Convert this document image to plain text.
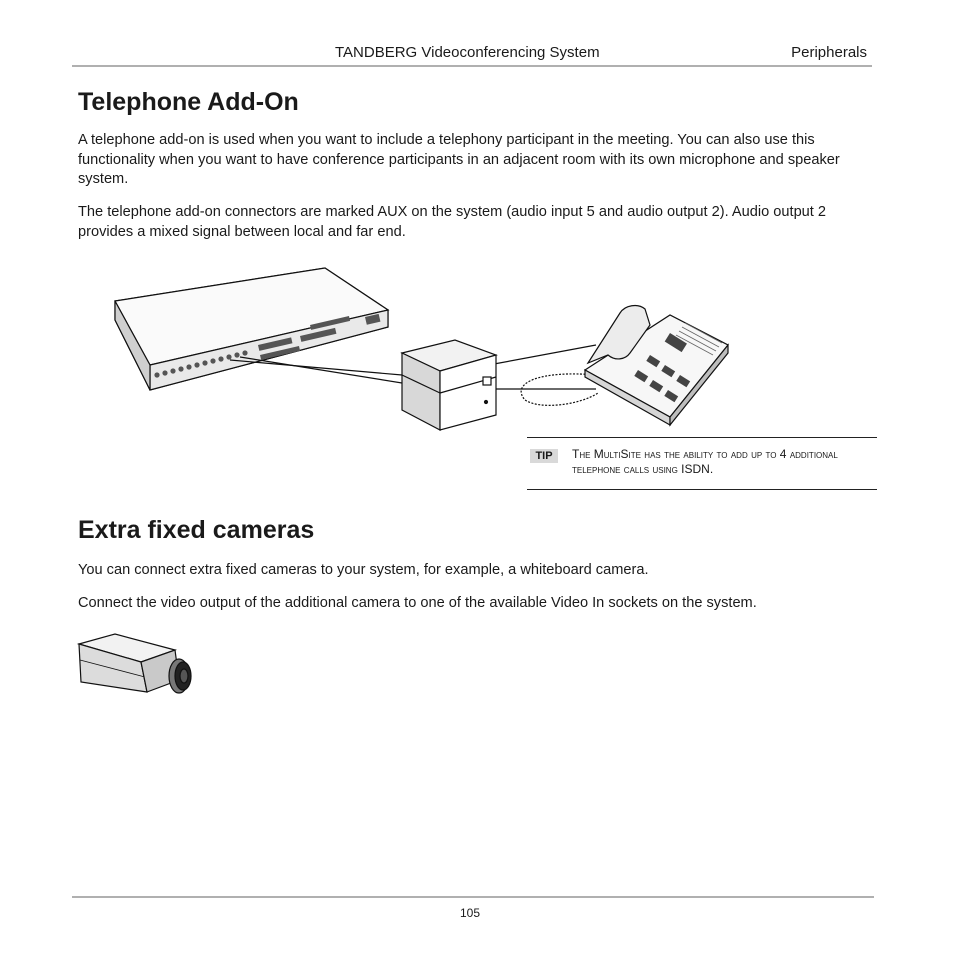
TANDBERG Videoconferencing System	Peripherals
Telephone Add-On

A telephone add-on is used when you want to include a telephony participant in the meeting. You can also use this functionality when you want to have conference participants in an adjacent room with its own microphone and speaker system.

The telephone add-on connectors are marked AUX on the system (audio input 5 and audio output 2). Audio output 2 provides a mixed signal between local and far end.

TIP	The MultiSite has the ability to add up to 4 additional telephone calls using ISDN.
Extra fixed cameras

You can connect extra fixed cameras to your system, for example, a whiteboard camera.

Connect the video output of the additional camera to one of the available Video In sockets on the system.

105
